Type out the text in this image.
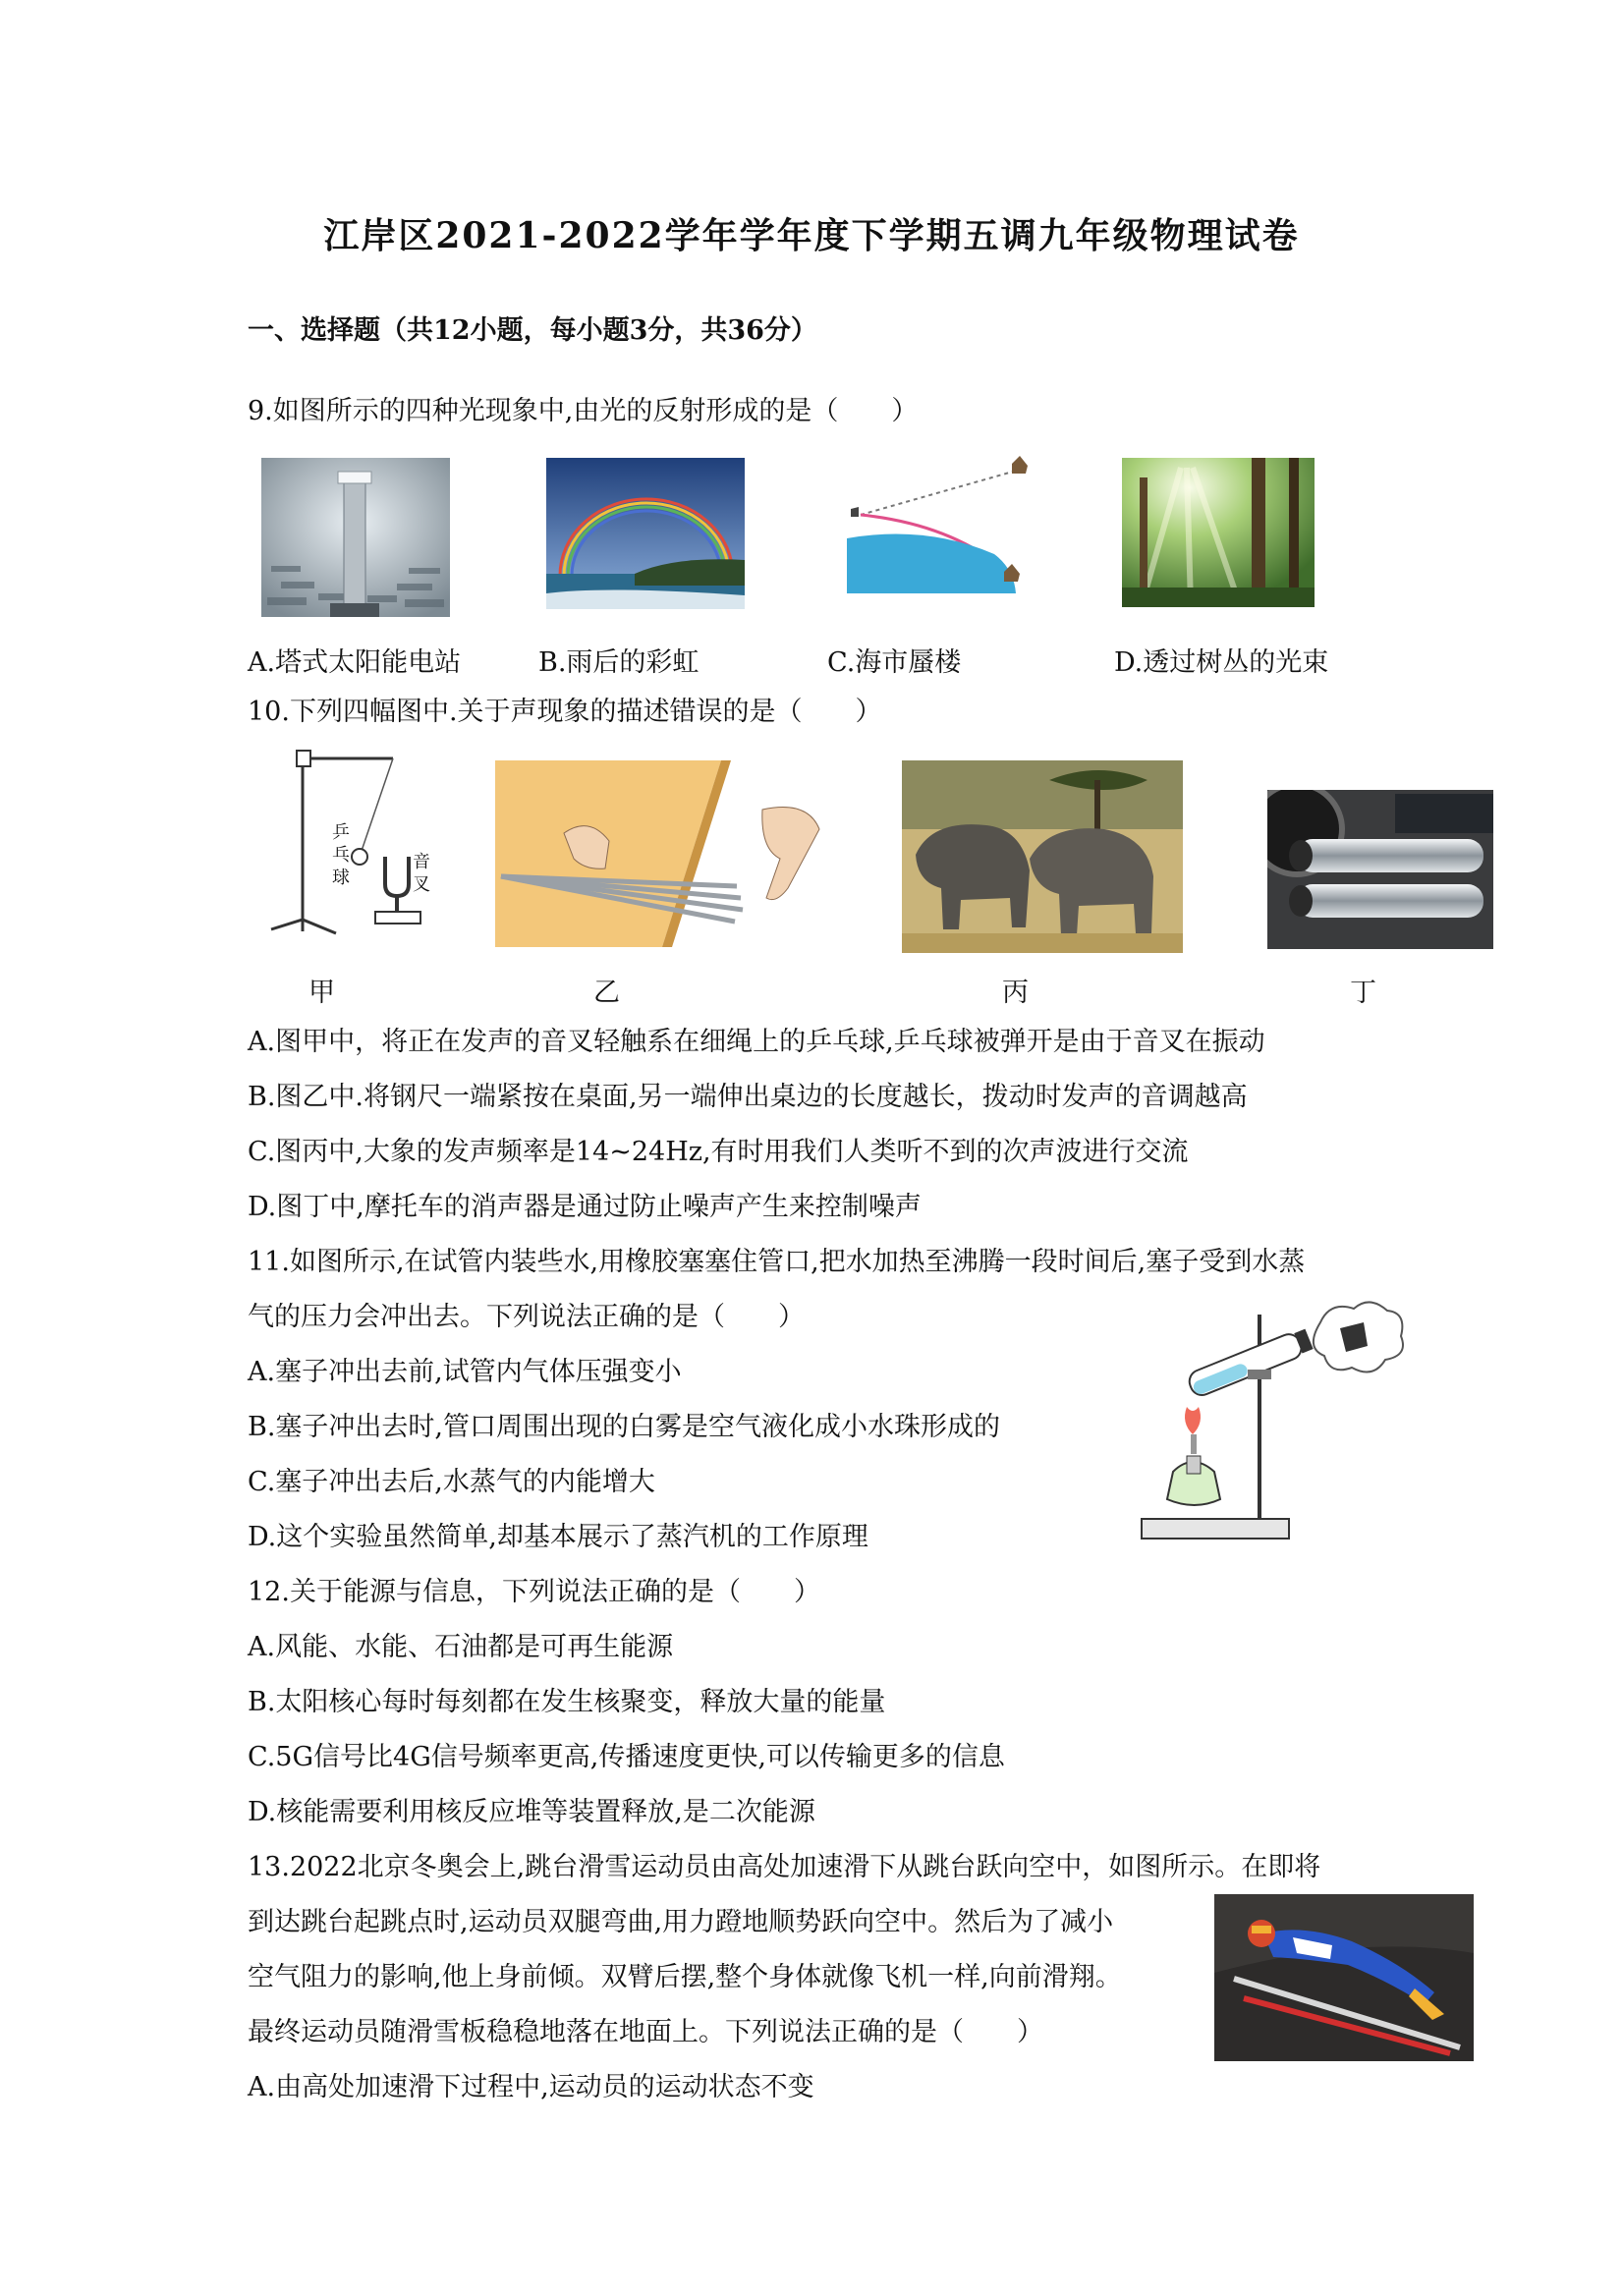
江岸区2021-2022学年学年度下学期五调九年级物理试卷
一、选择题（共12小题，每小题3分，共36分）
9.如图所示的四种光现象中,由光的反射形成的是（　　）
A.塔式太阳能电站	B.雨后的彩虹	C.海市蜃楼	D.透过树丛的光束
10.下列四幅图中.关于声现象的描述错误的是（　　）
乒乓球
音叉
甲	乙	丙	丁
A.图甲中，将正在发声的音叉轻触系在细绳上的乒乓球,乒乓球被弹开是由于音叉在振动
B.图乙中.将钢尺一端紧按在桌面,另一端伸出桌边的长度越长，拨动时发声的音调越高
C.图丙中,大象的发声频率是14~24Hz,有时用我们人类听不到的次声波进行交流
D.图丁中,摩托车的消声器是通过防止噪声产生来控制噪声
11.如图所示,在试管内装些水,用橡胶塞塞住管口,把水加热至沸腾一段时间后,塞子受到水蒸
气的压力会冲出去。下列说法正确的是（　　）
A.塞子冲出去前,试管内气体压强变小
B.塞子冲出去时,管口周围出现的白雾是空气液化成小水珠形成的
C.塞子冲出去后,水蒸气的内能增大
D.这个实验虽然简单,却基本展示了蒸汽机的工作原理
12.关于能源与信息，下列说法正确的是（　　）
A.风能、水能、石油都是可再生能源
B.太阳核心每时每刻都在发生核聚变，释放大量的能量
C.5G信号比4G信号频率更高,传播速度更快,可以传输更多的信息
D.核能需要利用核反应堆等装置释放,是二次能源
13.2022北京冬奥会上,跳台滑雪运动员由高处加速滑下从跳台跃向空中，如图所示。在即将
到达跳台起跳点时,运动员双腿弯曲,用力蹬地顺势跃向空中。然后为了减小
空气阻力的影响,他上身前倾。双臂后摆,整个身体就像飞机一样,向前滑翔。
最终运动员随滑雪板稳稳地落在地面上。下列说法正确的是（　　）
A.由高处加速滑下过程中,运动员的运动状态不变
